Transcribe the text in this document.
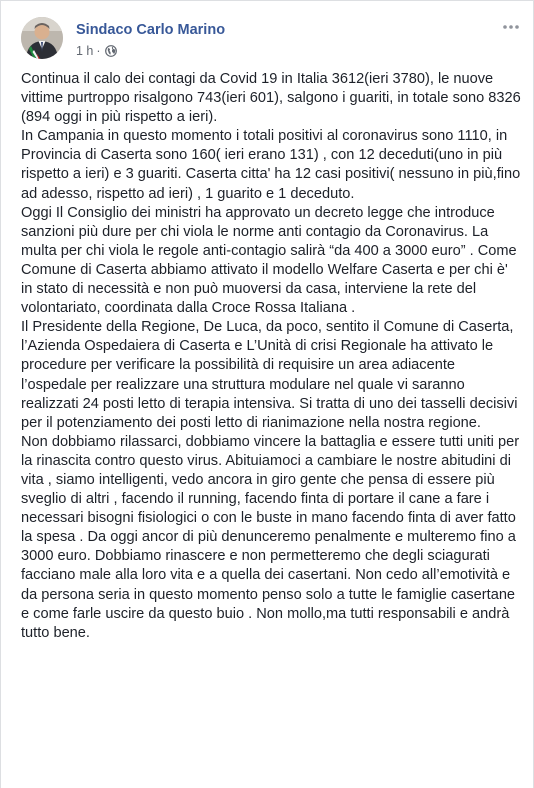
Sindaco Carlo Marino
1 h ·

Continua il calo dei contagi da Covid 19 in Italia 3612(ieri 3780), le nuove vittime purtroppo risalgono 743(ieri 601), salgono i guariti, in totale sono 8326 (894 oggi in più rispetto a ieri).

In Campania in questo momento i totali positivi al coronavirus sono 1110, in Provincia di Caserta sono 160( ieri erano 131) , con 12 deceduti(uno in più rispetto a ieri) e 3 guariti. Caserta citta' ha 12 casi positivi( nessuno in più,fino ad adesso, rispetto ad ieri) , 1 guarito e 1 deceduto.

Oggi Il Consiglio dei ministri ha approvato un decreto legge che introduce sanzioni più dure per chi viola le norme anti contagio da Coronavirus. La multa per chi viola le regole anti-contagio salirà “da 400 a 3000 euro” . Come Comune di Caserta abbiamo attivato il modello Welfare Caserta e per chi è' in stato di necessità e non può muoversi da casa, interviene la rete del volontariato, coordinata dalla Croce Rossa Italiana .

Il Presidente della Regione, De Luca, da poco, sentito il Comune di Caserta, l’Azienda Ospedaiera di Caserta e L’Unità di crisi Regionale ha attivato le procedure per verificare la possibilità di requisire un area adiacente l’ospedale per realizzare una struttura modulare nel quale vi saranno realizzati 24 posti letto di terapia intensiva. Si tratta di uno dei tasselli decisivi per il potenziamento dei posti letto di rianimazione nella nostra regione.

Non dobbiamo rilassarci, dobbiamo vincere la battaglia e essere tutti uniti per la rinascita contro questo virus. Abituiamoci a cambiare le nostre abitudini di vita , siamo intelligenti, vedo ancora in giro gente che pensa di essere più sveglio di altri , facendo il running, facendo finta di portare il cane a fare i necessari bisogni fisiologici o con le buste in mano facendo finta di aver fatto la spesa . Da oggi ancor di più denunceremo penalmente e multeremo fino a 3000 euro. Dobbiamo rinascere e non permetteremo che degli sciagurati facciano male alla loro vita e a quella dei casertani. Non cedo all’emotività e da persona seria in questo momento penso solo a tutte le famiglie casertane e come farle uscire da questo buio . Non mollo,ma tutti responsabili e andrà tutto bene.
